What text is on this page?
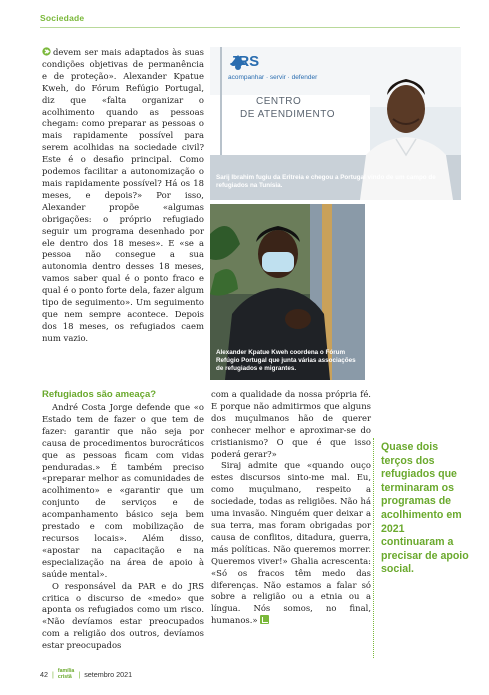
Sociedade

devem ser mais adaptados às suas condições objetivas de permanência e de proteção». Alexander Kpatue Kweh, do Fórum Refúgio Portugal, diz que «falta organizar o acolhimento quando as pessoas chegam: como preparar as pessoas o mais rapidamente possível para serem acolhidas na sociedade civil? Este é o desafio principal. Como podemos facilitar a autonomização o mais rapidamente possível? Há os 18 meses, e depois?» Por isso, Alexander propõe «algumas obrigações: o próprio refugiado seguir um programa desenhado por ele dentro dos 18 meses». E «se a pessoa não consegue a sua autonomia dentro desses 18 meses, vamos saber qual é o ponto fraco e qual é o ponto forte dela, fazer algum tipo de seguimento». Um seguimento que nem sempre acontece. Depois dos 18 meses, os refugiados caem num vazio.

JRS
acompanhar · servir · defender
CENTRO
DE ATENDIMENTO
Sarij Ibrahim fugiu da Eritreia e chegou a Portugal vindo de um campo de refugiados na Tunísia.
Alexander Kpatue Kweh coordena o Fórum Refúgio Portugal que junta várias associações de refugiados e migrantes.
Refugiados são ameaça?

André Costa Jorge defende que «o Estado tem de fazer o que tem de fazer: garantir que não seja por causa de procedimentos burocráticos que as pessoas ficam com vidas penduradas.» É também preciso «preparar melhor as comunidades de acolhimento» e «garantir que um conjunto de serviços e de acompanhamento básico seja bem prestado e com mobilização de recursos locais». Além disso, «apostar na capacitação e na especialização na área de apoio à saúde mental».

O responsável da PAR e do JRS critica o discurso de «medo» que aponta os refugiados como um risco. «Não devíamos estar preocupados com a religião dos outros, devíamos estar preocupados

com a qualidade da nossa própria fé. E porque não admitirmos que alguns dos muçulmanos hão de querer conhecer melhor e aproximar-se do cristianismo? O que é que isso poderá gerar?»

Siraj admite que «quando ouço estes discursos sinto-me mal. Eu, como muçulmano, respeito a sociedade, todas as religiões. Não há uma invasão. Ninguém quer deixar a sua terra, mas foram obrigadas por causa de conflitos, ditadura, guerra, más políticas. Não queremos morrer. Queremos viver!» Ghalia acrescenta: «Só os fracos têm medo das diferenças. Não estamos a falar só sobre a religião ou a etnia ou a língua. Nós somos, no final, humanos.»

Quase dois terços dos refugiados que terminaram os programas de acolhimento em 2021 continuaram a precisar de apoio social.
42 | família
cristã | setembro 2021
